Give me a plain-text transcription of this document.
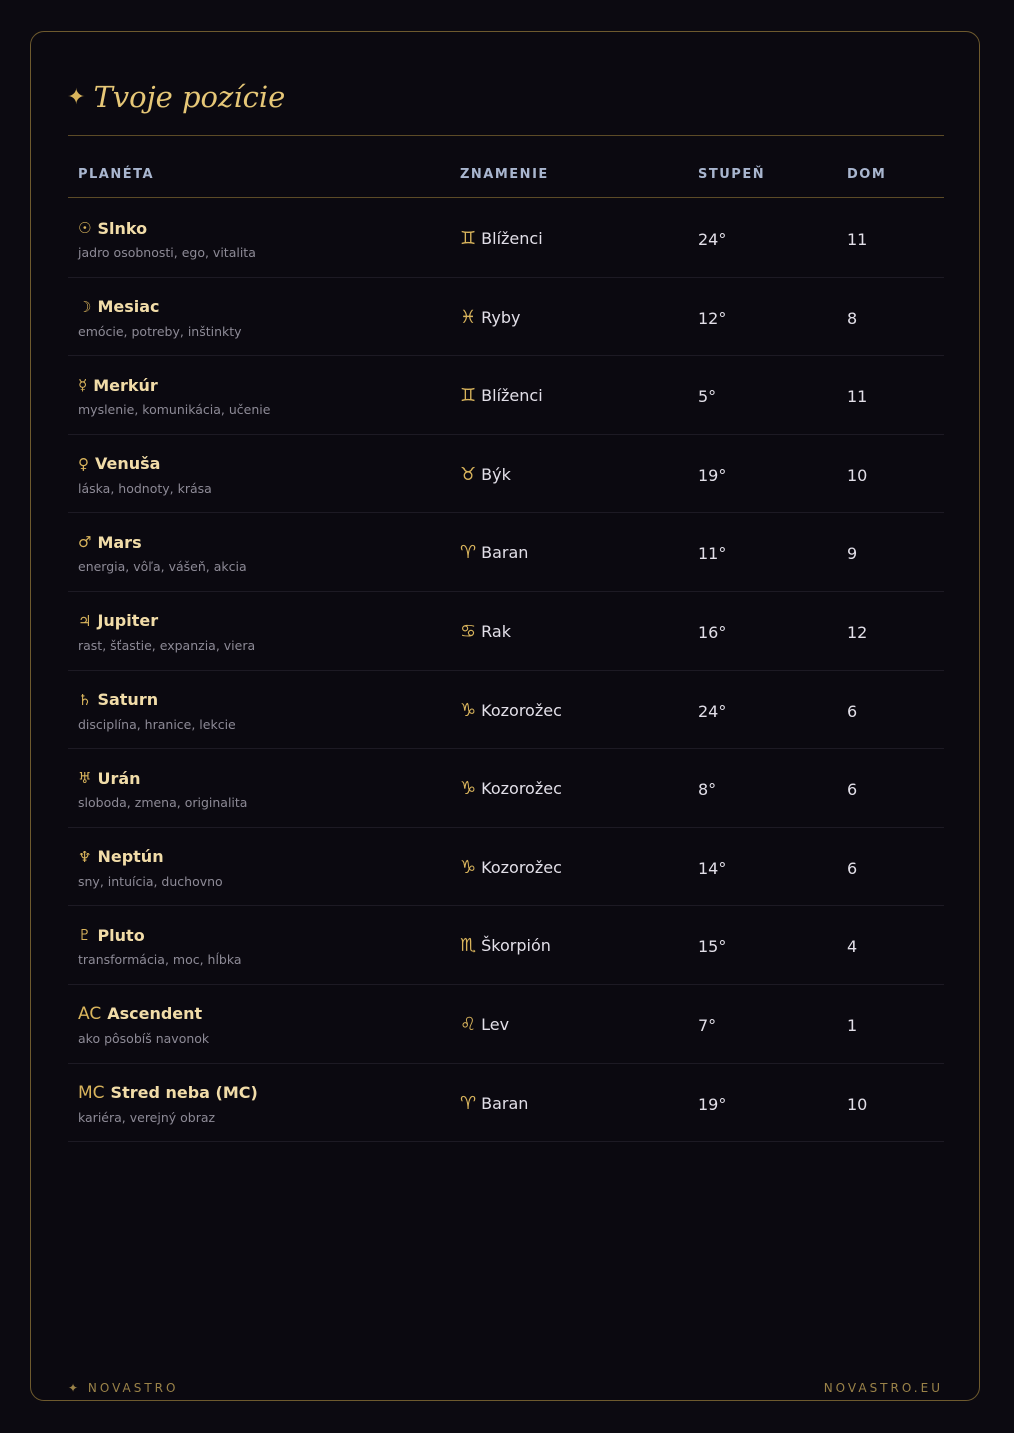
✦ Tvoje pozície
PLANÉTA	ZNAMENIE	STUPEŇ	DOM
☉ Slnko
jadro osobnosti, ego, vitalita
♊ Blíženci	24°	11
☽ Mesiac
emócie, potreby, inštinkty
♓ Ryby	12°	8
☿ Merkúr
myslenie, komunikácia, učenie
♊ Blíženci	5°	11
♀ Venuša
láska, hodnoty, krása
♉ Býk	19°	10
♂ Mars
energia, vôľa, vášeň, akcia
♈ Baran	11°	9
♃ Jupiter
rast, šťastie, expanzia, viera
♋ Rak	16°	12
♄ Saturn
disciplína, hranice, lekcie
♑ Kozorožec	24°	6
♅ Urán
sloboda, zmena, originalita
♑ Kozorožec	8°	6
♆ Neptún
sny, intuícia, duchovno
♑ Kozorožec	14°	6
♇ Pluto
transformácia, moc, hĺbka
♏ Škorpión	15°	4
AC Ascendent
ako pôsobíš navonok
♌ Lev	7°	1
MC Stred neba (MC)
kariéra, verejný obraz
♈ Baran	19°	10
✦ NOVASTRO	NOVASTRO.EU
